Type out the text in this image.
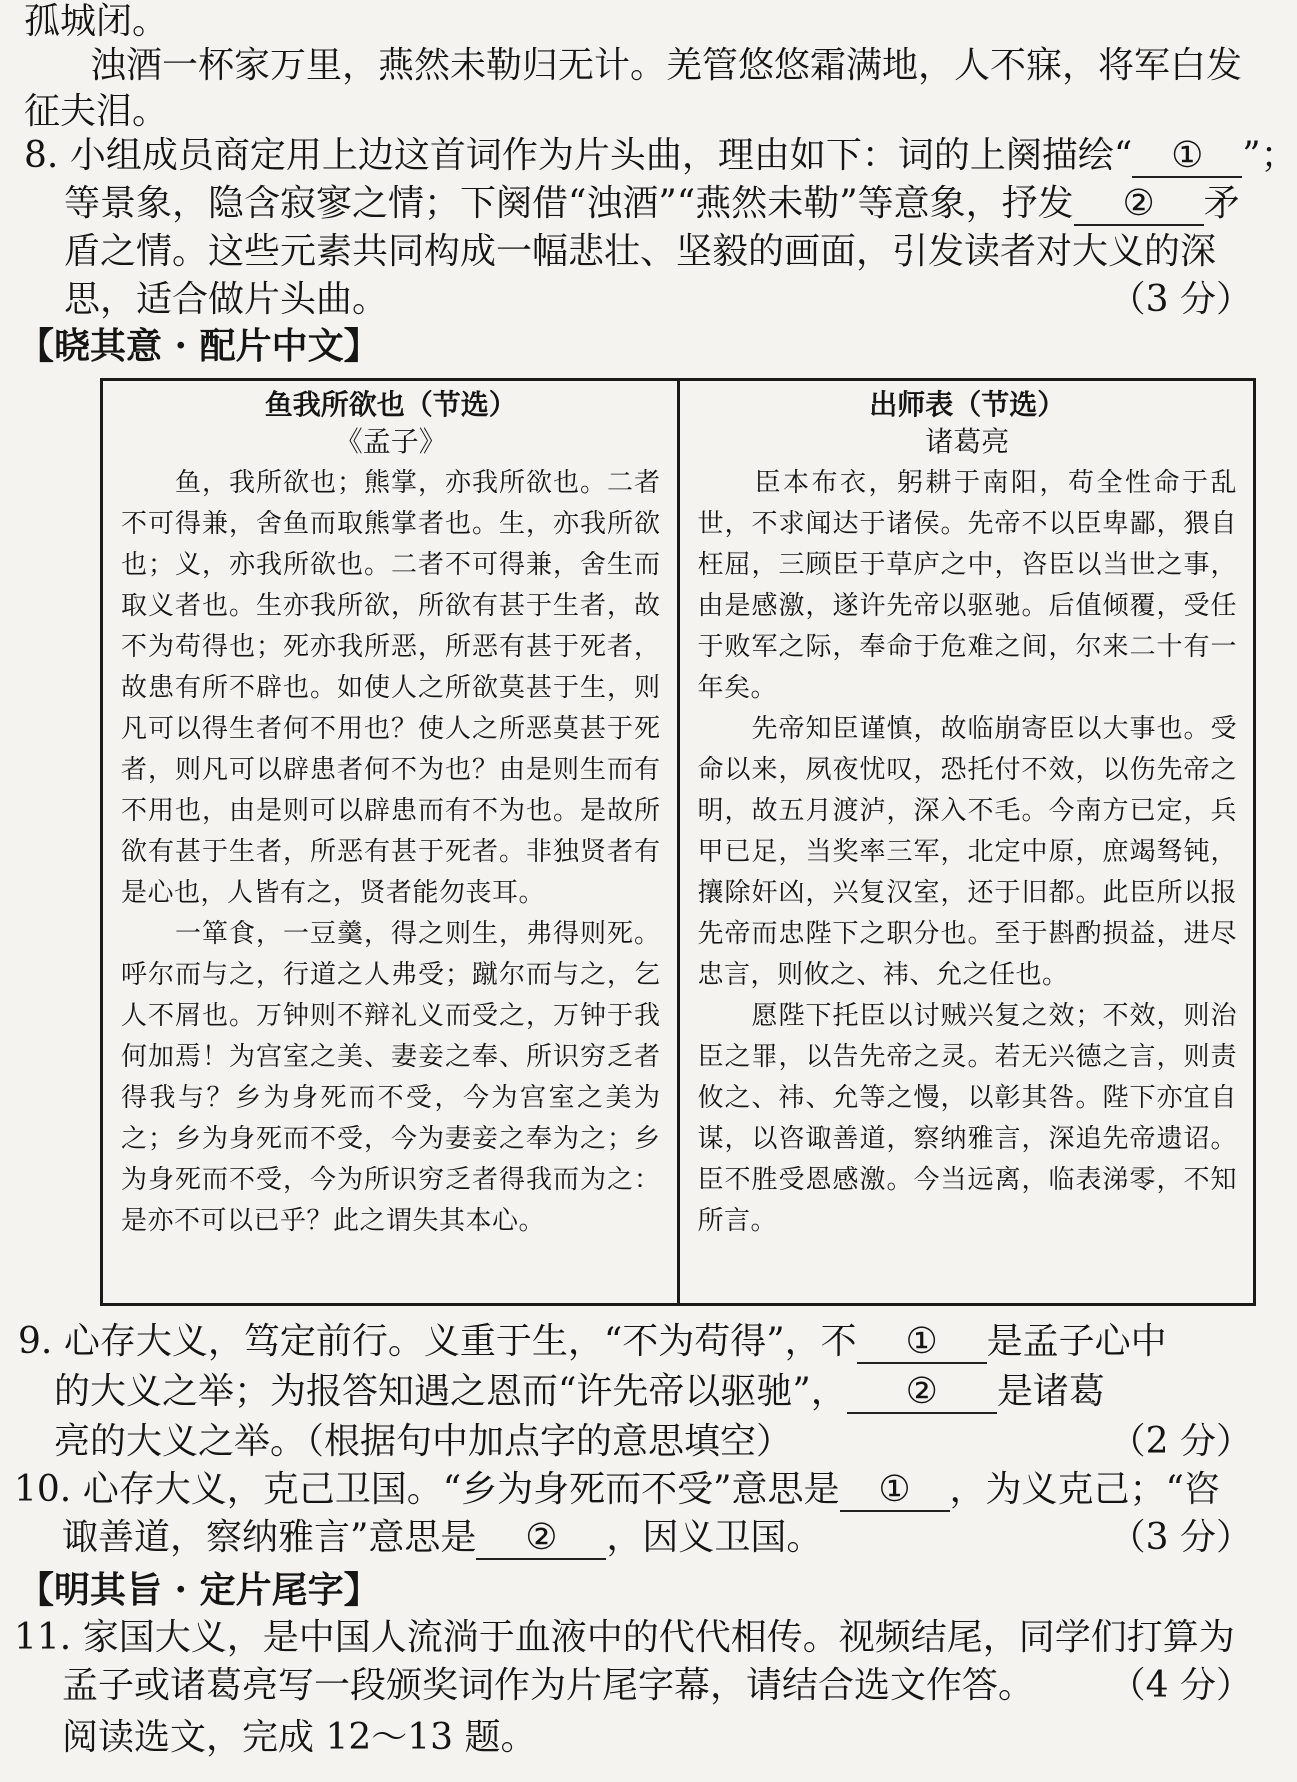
孤城闭。
浊酒一杯家万里，燕然未勒归无计。羌管悠悠霜满地，人不寐，将军白发
征夫泪。
8. 小组成员商定用上边这首词作为片头曲，理由如下：词的上阕描绘“ ① ”；
等景象，隐含寂寥之情；下阕借“浊酒”“燕然未勒”等意象，抒发 ② 矛
盾之情。这些元素共同构成一幅悲壮、坚毅的画面，引发读者对大义的深
思，适合做片头曲。	（3 分）
【晓其意 · 配片中文】
鱼我所欲也（节选）
《孟子》

　　鱼，我所欲也；熊掌，亦我所欲也。二者不可得兼，舍鱼而取熊掌者也。生，亦我所欲也；义，亦我所欲也。二者不可得兼，舍生而取义者也。生亦我所欲，所欲有甚于生者，故不为苟得也；死亦我所恶，所恶有甚于死者，故患有所不辟也。如使人之所欲莫甚于生，则凡可以得生者何不用也？使人之所恶莫甚于死者，则凡可以辟患者何不为也？由是则生而有不用也，由是则可以辟患而有不为也。是故所欲有甚于生者，所恶有甚于死者。非独贤者有是心也，人皆有之，贤者能勿丧耳。

　　一箪食，一豆羹，得之则生，弗得则死。呼尔而与之，行道之人弗受；蹴尔而与之，乞人不屑也。万钟则不辩礼义而受之，万钟于我何加焉！为宫室之美、妻妾之奉、所识穷乏者得我与？乡为身死而不受，今为宫室之美为之；乡为身死而不受，今为妻妾之奉为之；乡为身死而不受，今为所识穷乏者得我而为之：是亦不可以已乎？此之谓失其本心。

出师表（节选）
诸葛亮

　　臣本布衣，躬耕于南阳，苟全性命于乱世，不求闻达于诸侯。先帝不以臣卑鄙，猥自枉屈，三顾臣于草庐之中，咨臣以当世之事，由是感激，遂许先帝以驱驰。后值倾覆，受任于败军之际，奉命于危难之间，尔来二十有一年矣。

　　先帝知臣谨慎，故临崩寄臣以大事也。受命以来，夙夜忧叹，恐托付不效，以伤先帝之明，故五月渡泸，深入不毛。今南方已定，兵甲已足，当奖率三军，北定中原，庶竭驽钝，攘除奸凶，兴复汉室，还于旧都。此臣所以报先帝而忠陛下之职分也。至于斟酌损益，进尽忠言，则攸之、祎、允之任也。

　　愿陛下托臣以讨贼兴复之效；不效，则治臣之罪，以告先帝之灵。若无兴德之言，则责攸之、祎、允等之慢，以彰其咎。陛下亦宜自谋，以咨诹善道，察纳雅言，深追先帝遗诏。臣不胜受恩感激。今当远离，临表涕零，不知所言。

9. 心存大义，笃定前行。义重于生，“不为苟得”，不 ① 是孟子心中
的大义之举；为报答知遇之恩而“许先帝以驱驰”， ② 是诸葛
亮的大义之举。（根据句中加点字的意思填空）	（2 分）
10. 心存大义，克己卫国。“乡为身死而不受”意思是 ① ，为义克己；“咨
诹善道，察纳雅言”意思是 ② ，因义卫国。	（3 分）
【明其旨 · 定片尾字】
11. 家国大义，是中国人流淌于血液中的代代相传。视频结尾，同学们打算为
孟子或诸葛亮写一段颁奖词作为片尾字幕，请结合选文作答。 （4 分）
阅读选文，完成 12～13 题。
